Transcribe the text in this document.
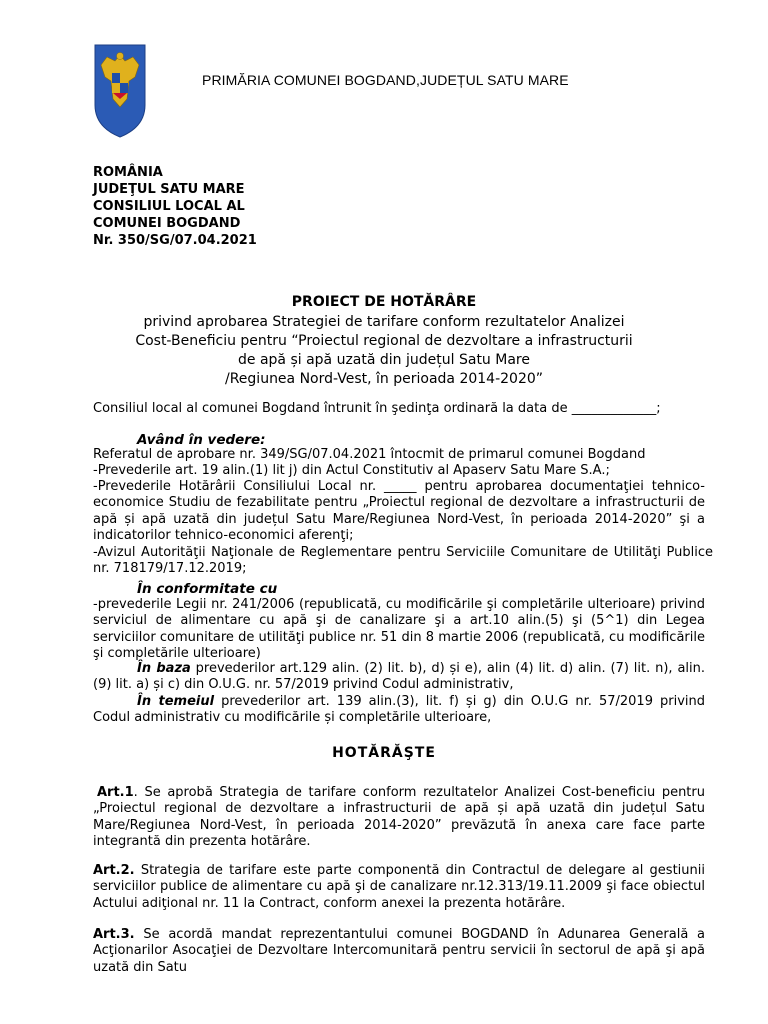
PRIMĂRIA COMUNEI BOGDAND,JUDEȚUL SATU MARE
ROMÂNIA
JUDEŢUL SATU MARE
CONSILIUL LOCAL AL
COMUNEI BOGDAND
Nr. 350/SG/07.04.2021
PROIECT DE HOTĂRÂRE
privind aprobarea Strategiei de tarifare conform rezultatelor Analizei
Cost-Beneficiu pentru “Proiectul regional de dezvoltare a infrastructurii
de apă și apă uzată din județul Satu Mare
/Regiunea Nord-Vest, în perioada 2014-2020”
Consiliul local al comunei Bogdand întrunit în şedinţa ordinară la data de _____________;
Având în vedere:
Referatul de aprobare nr. 349/SG/07.04.2021 întocmit de primarul comunei Bogdand
-Prevederile art. 19 alin.(1) lit j) din Actul Constitutiv al Apaserv Satu Mare S.A.;
-Prevederile Hotărârii Consiliului Local nr. _____ pentru aprobarea documentaţiei tehnico-economice Studiu de fezabilitate pentru „Proiectul regional de dezvoltare a infrastructurii de apă și apă uzată din județul Satu Mare/Regiunea Nord-Vest, în perioada 2014-2020” şi a indicatorilor tehnico-economici aferenţi;
-Avizul Autorităţii Naţionale de Reglementare pentru Serviciile Comunitare de Utilităţi Publice nr. 718179/17.12.2019;
În conformitate cu
-prevederile Legii nr. 241/2006 (republicată, cu modificările şi completările ulterioare) privind serviciul de alimentare cu apă şi de canalizare şi a art.10 alin.(5) şi (5^1) din Legea serviciilor comunitare de utilităţi publice nr. 51 din 8 martie 2006 (republicată, cu modificările şi completările ulterioare)
În baza prevederilor art.129 alin. (2) lit. b), d) și e), alin (4) lit. d) alin. (7) lit. n), alin. (9) lit. a) și c) din O.U.G. nr. 57/2019 privind Codul administrativ,
În temeiul prevederilor art. 139 alin.(3), lit. f) și g) din O.U.G nr. 57/2019 privind Codul administrativ cu modificările și completările ulterioare,
HOTĂRĂŞTE
Art.1. Se aprobă Strategia de tarifare conform rezultatelor Analizei Cost-beneficiu pentru „Proiectul regional de dezvoltare a infrastructurii de apă și apă uzată din județul Satu Mare/Regiunea Nord-Vest, în perioada 2014-2020” prevăzută în anexa care face parte integrantă din prezenta hotărâre.
Art.2. Strategia de tarifare este parte componentă din Contractul de delegare al gestiunii serviciilor publice de alimentare cu apă şi de canalizare nr.12.313/19.11.2009 şi face obiectul Actului adiţional nr. 11 la Contract, conform anexei la prezenta hotărâre.
Art.3. Se acordă mandat reprezentantului comunei BOGDAND în Adunarea Generală a Acţionarilor Asocaţiei de Dezvoltare Intercomunitară pentru servicii în sectorul de apă şi apă uzată din Satu
